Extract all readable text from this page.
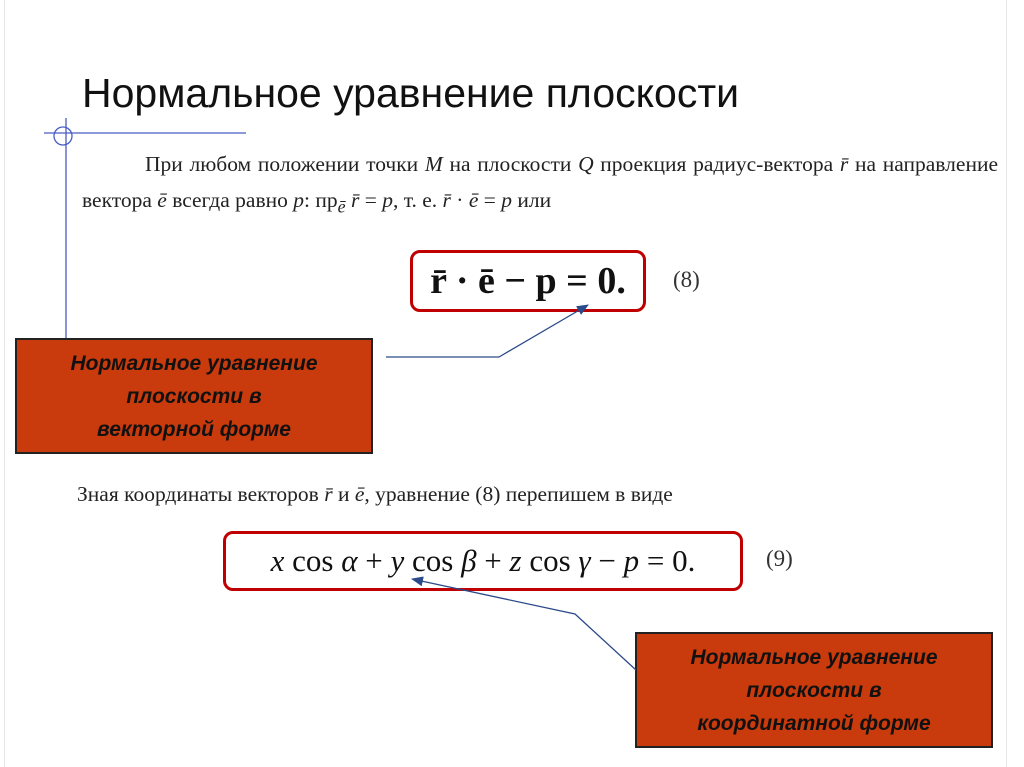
Нормальное уравнение плоскости

При любом положении точки M на плоскости Q проекция радиус-вектора r̄ на направление вектора ē всегда равно p: $пр_ē$ r̄ = p, т. е. r̄ · ē = p или

r̄ · ē − p = 0. (8)
Нормальное уравнение
плоскости в
векторной форме

Зная координаты векторов r̄ и ē, уравнение (8) перепишем в виде

x cos α + y cos β + z cos γ − p = 0.	(9)
Нормальное уравнение
плоскости в
координатной форме
